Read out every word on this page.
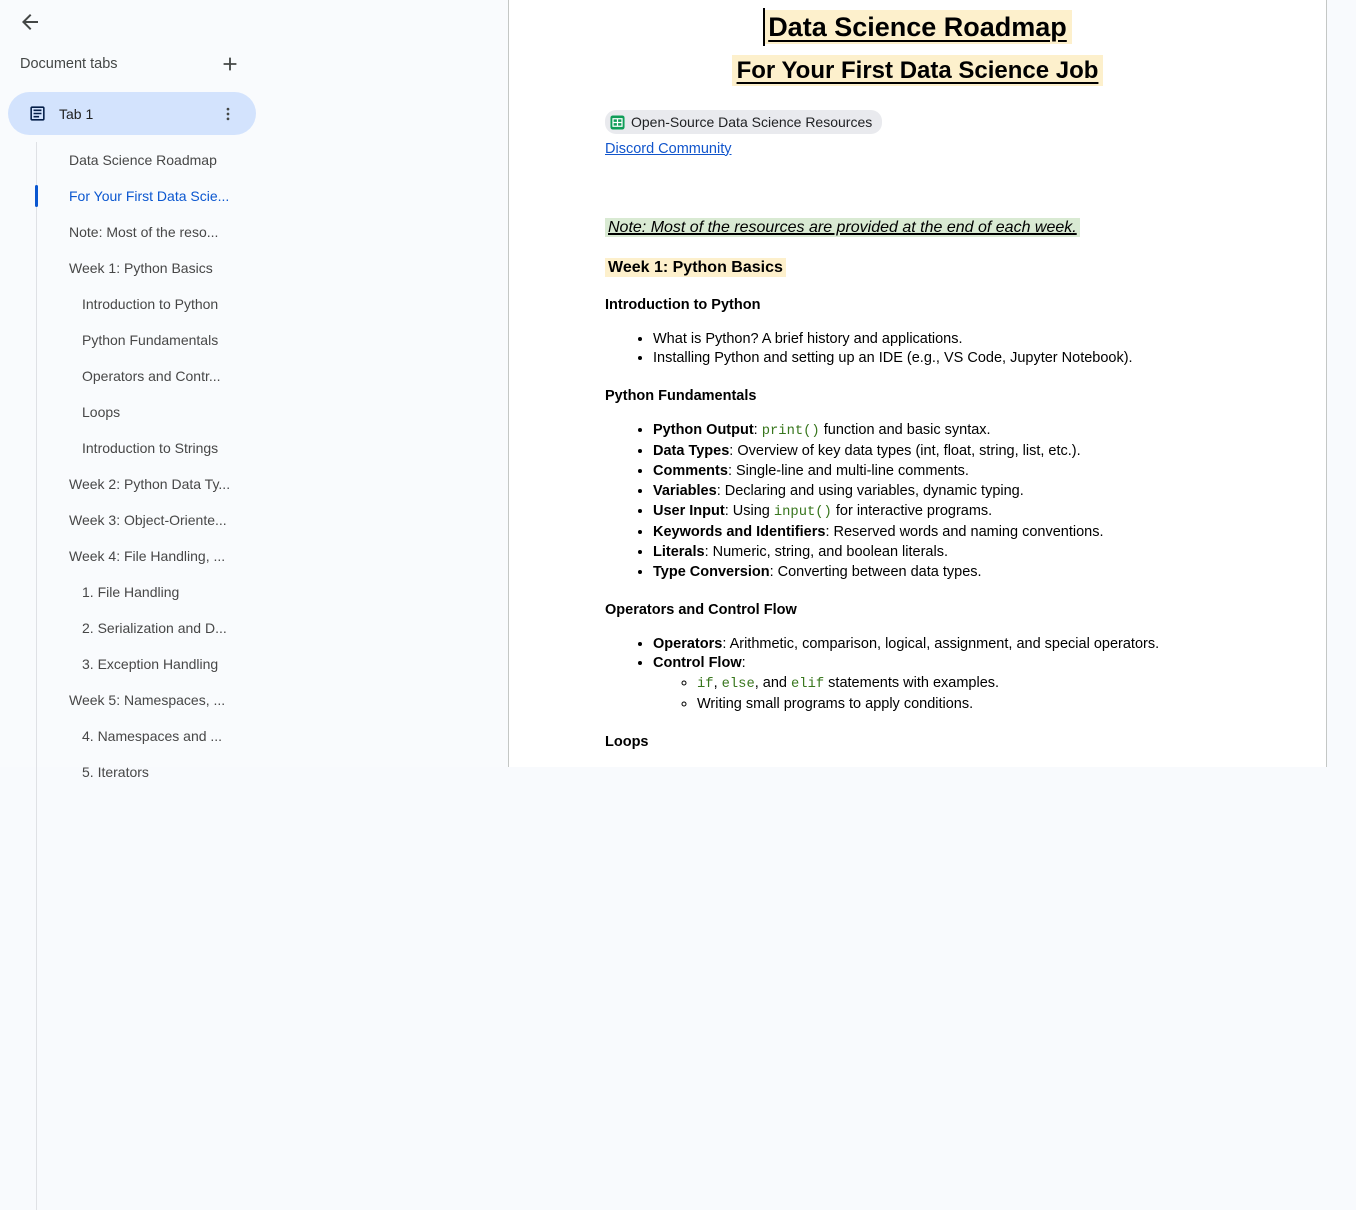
Document tabs
Tab 1
Data Science Roadmap
For Your First Data Scie...
Note: Most of the reso...
Week 1: Python Basics
Introduction to Python
Python Fundamentals
Operators and Contr...
Loops
Introduction to Strings
Week 2: Python Data Ty...
Week 3: Object-Oriente...
Week 4: File Handling, ...
1. File Handling
2. Serialization and D...
3. Exception Handling
Week 5: Namespaces, ...
4. Namespaces and ...
5. Iterators
Data Science Roadmap
For Your First Data Science Job
Open-Source Data Science Resources

Discord Community
Note: Most of the resources are provided at the end of each week.
Week 1: Python Basics
Introduction to Python
• What is Python? A brief history and applications.
• Installing Python and setting up an IDE (e.g., VS Code, Jupyter Notebook).
Python Fundamentals
• Python Output: print() function and basic syntax.
• Data Types: Overview of key data types (int, float, string, list, etc.).
• Comments: Single-line and multi-line comments.
• Variables: Declaring and using variables, dynamic typing.
• User Input: Using input() for interactive programs.
• Keywords and Identifiers: Reserved words and naming conventions.
• Literals: Numeric, string, and boolean literals.
• Type Conversion: Converting between data types.
Operators and Control Flow
• Operators: Arithmetic, comparison, logical, assignment, and special operators.
• Control Flow:
◦ if, else, and elif statements with examples.
◦ Writing small programs to apply conditions.
Loops
